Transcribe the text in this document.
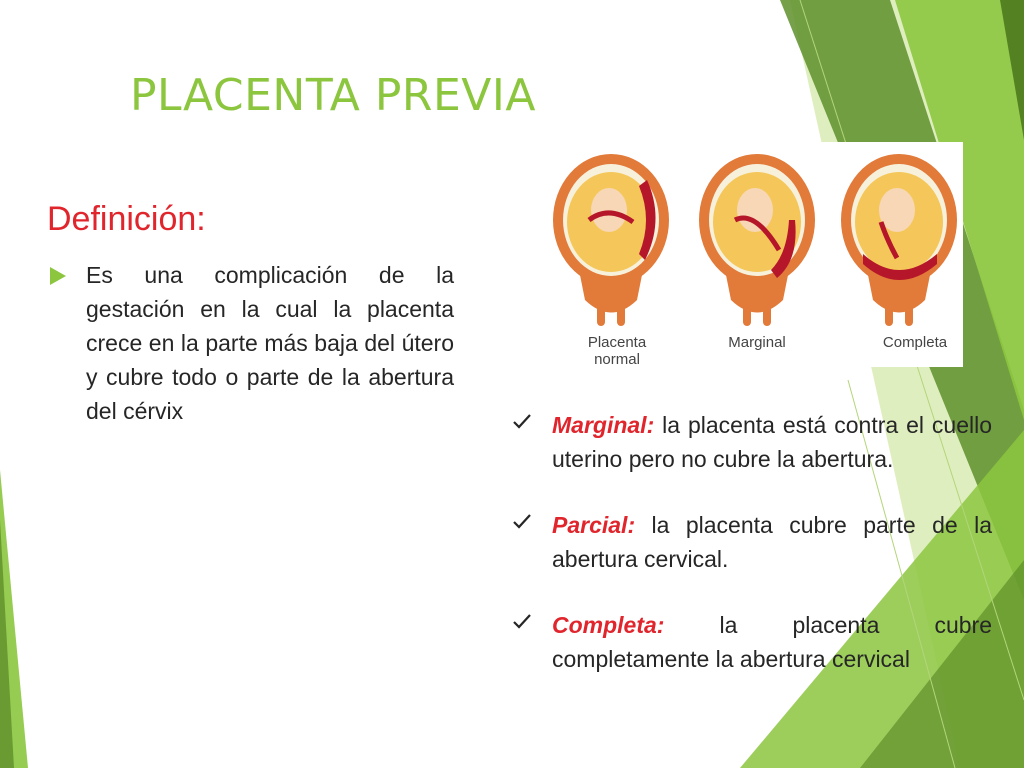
PLACENTA PREVIA
Definición:

Es una complicación de la gestación en la cual la placenta crece en la parte más baja del útero y cubre todo o parte de la abertura del cérvix

Placenta normal
Marginal	Completa

Marginal: la placenta está contra el cuello uterino pero no cubre la abertura.

Parcial: la placenta cubre parte de la abertura cervical.

Completa: la placenta cubre completamente la abertura cervical
